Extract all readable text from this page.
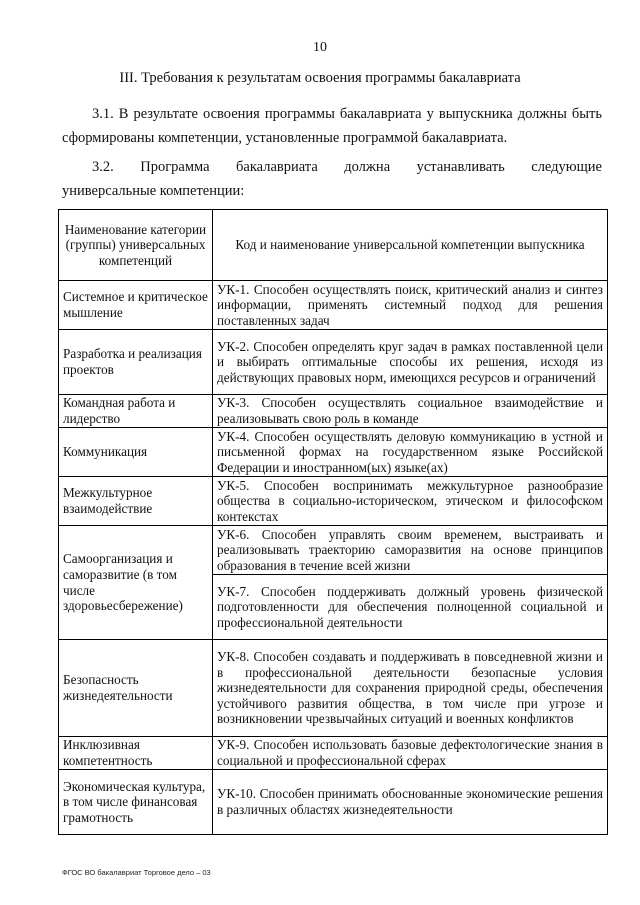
10
III. Требования к результатам освоения программы бакалавриата
3.1. В результате освоения программы бакалавриата у выпускника должны быть сформированы компетенции, установленные программой бакалавриата.
3.2. Программа бакалавриата должна устанавливать следующие
универсальные компетенции:
Наименование категории (группы) универсальных компетенций	Код и наименование универсальной компетенции выпускника
Системное и критическое мышление	УК-1. Способен осуществлять поиск, критический анализ и синтез информации, применять системный подход для решения поставленных задач
Разработка и реализация проектов	УК-2. Способен определять круг задач в рамках поставленной цели и выбирать оптимальные способы их решения, исходя из действующих правовых норм, имеющихся ресурсов и ограничений
Командная работа и лидерство	УК-3. Способен осуществлять социальное взаимодействие и реализовывать свою роль в команде
Коммуникация	УК-4. Способен осуществлять деловую коммуникацию в устной и письменной формах на государственном языке Российской Федерации и иностранном(ых) языке(ах)
Межкультурное взаимодействие	УК-5. Способен воспринимать межкультурное разнообразие общества в социально-историческом, этическом и философском контекстах
Самоорганизация и саморазвитие (в том числе здоровьесбережение)	УК-6. Способен управлять своим временем, выстраивать и реализовывать траекторию саморазвития на основе принципов образования в течение всей жизни
	УК-7. Способен поддерживать должный уровень физической подготовленности для обеспечения полноценной социальной и профессиональной деятельности
Безопасность жизнедеятельности	УК-8. Способен создавать и поддерживать в повседневной жизни и в профессиональной деятельности безопасные условия жизнедеятельности для сохранения природной среды, обеспечения устойчивого развития общества, в том числе при угрозе и возникновении чрезвычайных ситуаций и военных конфликтов
Инклюзивная компетентность	УК-9. Способен использовать базовые дефектологические знания в социальной и профессиональной сферах
Экономическая культура, в том числе финансовая грамотность	УК-10. Способен принимать обоснованные экономические решения в различных областях жизнедеятельности
ФГОС ВО бакалавриат Торговое дело – 03
